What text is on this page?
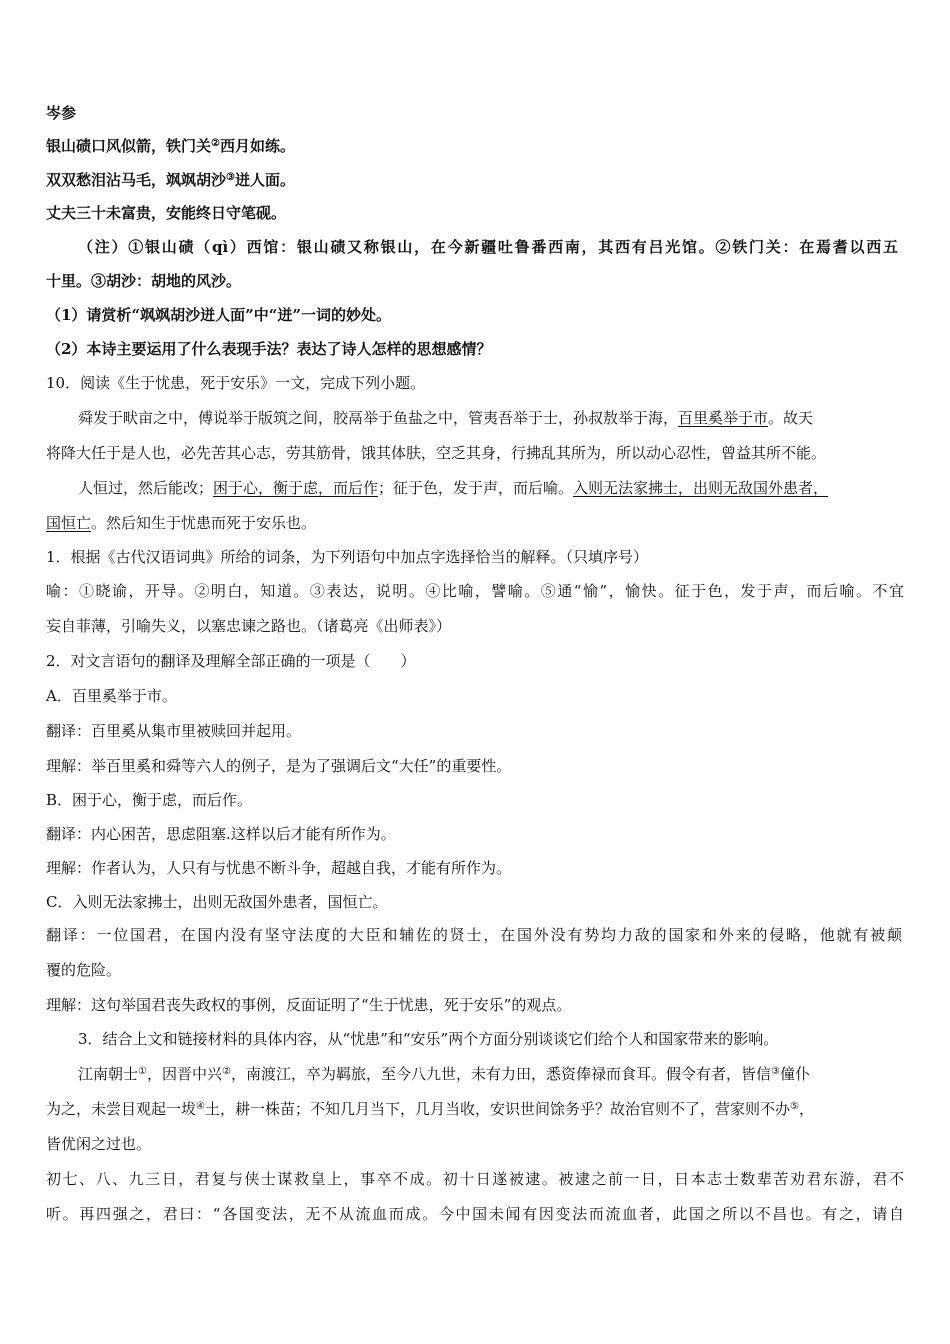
岑参
银山碛口风似箭，铁门关②西月如练。
双双愁泪沾马毛，飒飒胡沙③迸人面。
丈夫三十未富贵，安能终日守笔砚。
（注）①银山碛（qì）西馆：银山碛又称银山，在今新疆吐鲁番西南，其西有吕光馆。②铁门关：在焉耆以西五
十里。③胡沙：胡地的风沙。
（1）请赏析“飒飒胡沙迸人面”中“迸”一词的妙处。
（2）本诗主要运用了什么表现手法？表达了诗人怎样的思想感情？
10．阅读《生于忧患，死于安乐》一文，完成下列小题。
舜发于畎亩之中，傅说举于版筑之间，胶鬲举于鱼盐之中，管夷吾举于士，孙叔敖举于海，百里奚举于市。故天
将降大任于是人也，必先苦其心志，劳其筋骨，饿其体肤，空乏其身，行拂乱其所为，所以动心忍性，曾益其所不能。
人恒过，然后能改；困于心，衡于虑，而后作；征于色，发于声，而后喻。入则无法家拂士，出则无敌国外患者，
国恒亡。然后知生于忧患而死于安乐也。
1．根据《古代汉语词典》所给的词条，为下列语句中加点字选择恰当的解释。（只填序号）
喻：①晓谕，开导。②明白，知道。③表达，说明。④比喻，譬喻。⑤通“愉”，愉快。征于色，发于声，而后喻。不宜
妄自菲薄，引喻失义，以塞忠谏之路也。（诸葛亮《出师表》）
2．对文言语句的翻译及理解全部正确的一项是（　　）
A．百里奚举于市。
翻译：百里奚从集市里被赎回并起用。
理解：举百里奚和舜等六人的例子，是为了强调后文“大任”的重要性。
B．困于心，衡于虑，而后作。
翻译：内心困苦，思虑阻塞.这样以后才能有所作为。
理解：作者认为，人只有与忧患不断斗争，超越自我，才能有所作为。
C．入则无法家拂士，出则无敌国外患者，国恒亡。
翻译：一位国君，在国内没有坚守法度的大臣和辅佐的贤士，在国外没有势均力敌的国家和外来的侵略，他就有被颠
覆的危险。
理解：这句举国君丧失政权的事例，反面证明了“生于忧患，死于安乐”的观点。
3．结合上文和链接材料的具体内容，从“忧患”和“安乐”两个方面分别谈谈它们给个人和国家带来的影响。
江南朝士①，因晋中兴②，南渡江，卒为羁旅，至今八九世，未有力田，悉资俸禄而食耳。假令有者，皆信③僮仆
为之，未尝目观起一坺④土，耕一株苗；不知几月当下，几月当收，安识世间馀务乎？故治官则不了，营家则不办⑤，
皆优闲之过也。
初七、八、九三日，君复与侠士谋救皇上，事卒不成。初十日遂被逮。被逮之前一日，日本志士数辈苦劝君东游，君不
听。再四强之，君曰：“各国变法，无不从流血而成。今中国未闻有因变法而流血者，此国之所以不昌也。有之，请自
